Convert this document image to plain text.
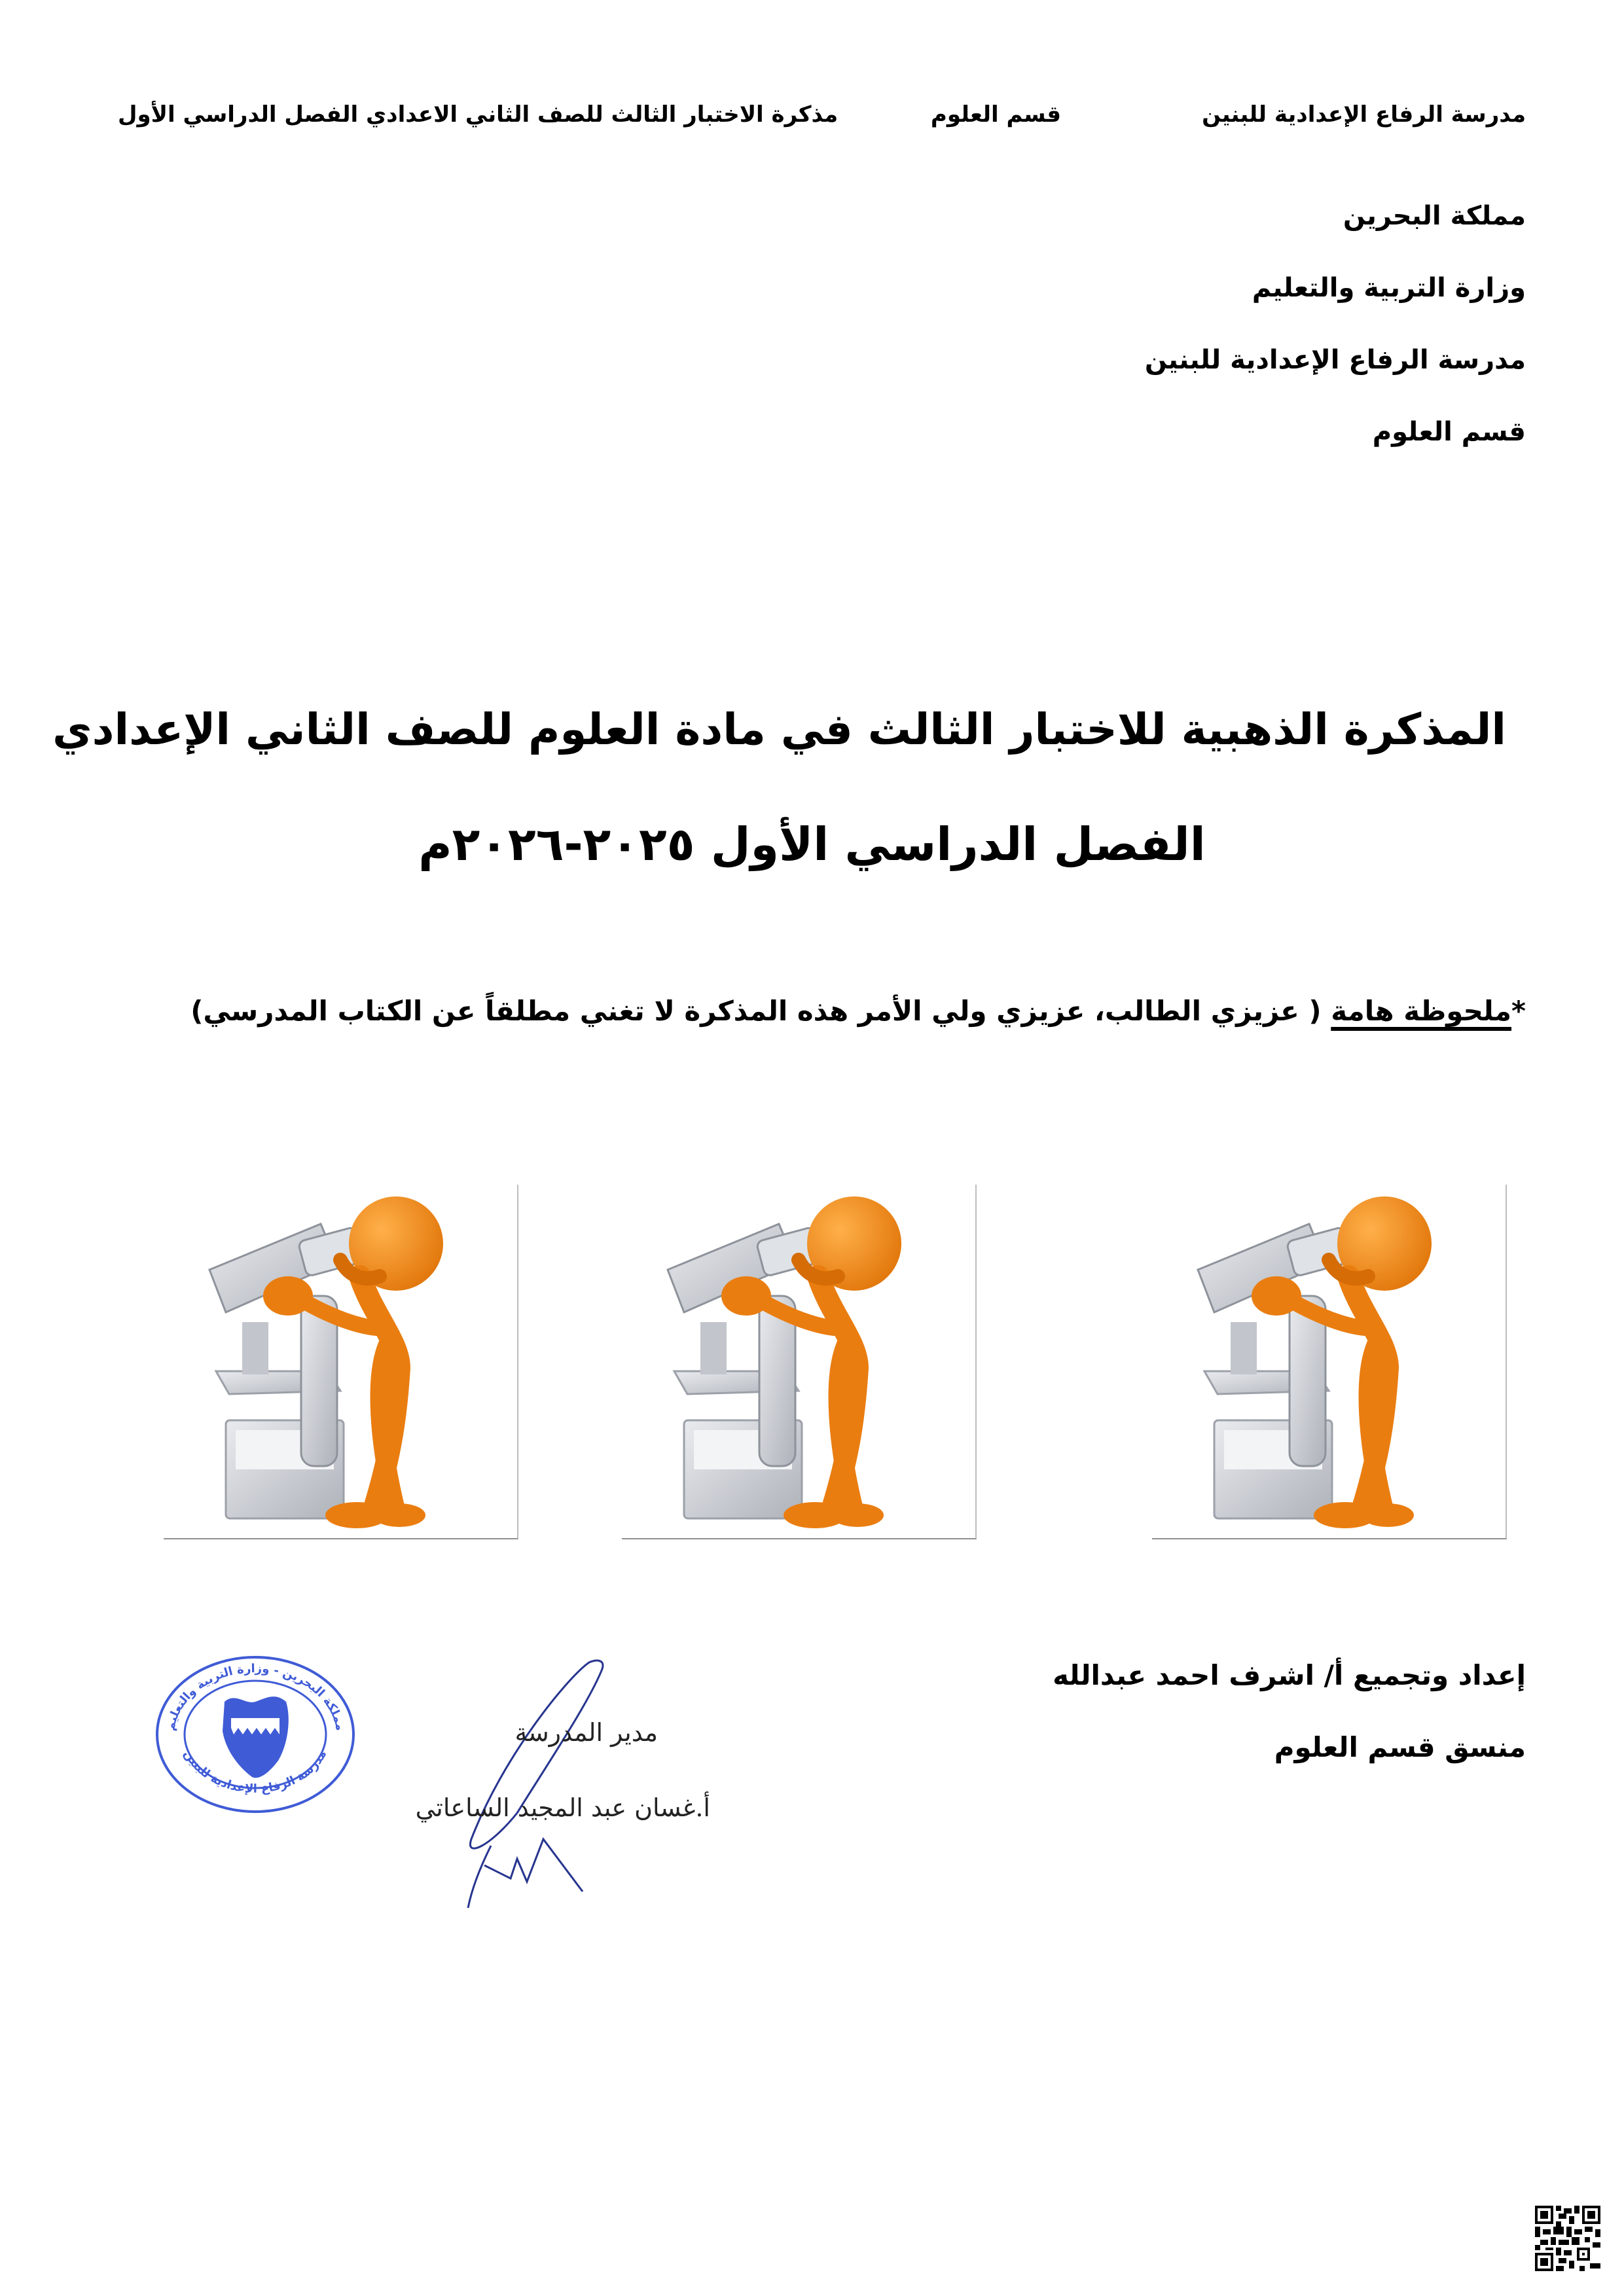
مدرسة الرفاع الإعدادية للبنين
قسم العلوم
مذكرة الاختبار الثالث للصف الثاني الاعدادي الفصل الدراسي الأول
مملكة البحرين
وزارة التربية والتعليم
مدرسة الرفاع الإعدادية للبنين
قسم العلوم
المذكرة الذهبية للاختبار الثالث في مادة العلوم للصف الثاني الإعدادي
الفصل الدراسي الأول ٢٠٢٥-٢٠٢٦م
*ملحوظة هامة ( عزيزي الطالب، عزيزي ولي الأمر هذه المذكرة لا تغني مطلقاً عن الكتاب المدرسي)
إعداد وتجميع أ/ اشرف احمد عبدالله
منسق قسم العلوم
مملكة البحرين - وزارة التربية والتعليم
مدرسة الرفاع الإعدادية للبنين
مدير المدرسة
أ.غسان عبد المجيد الساعاتي
